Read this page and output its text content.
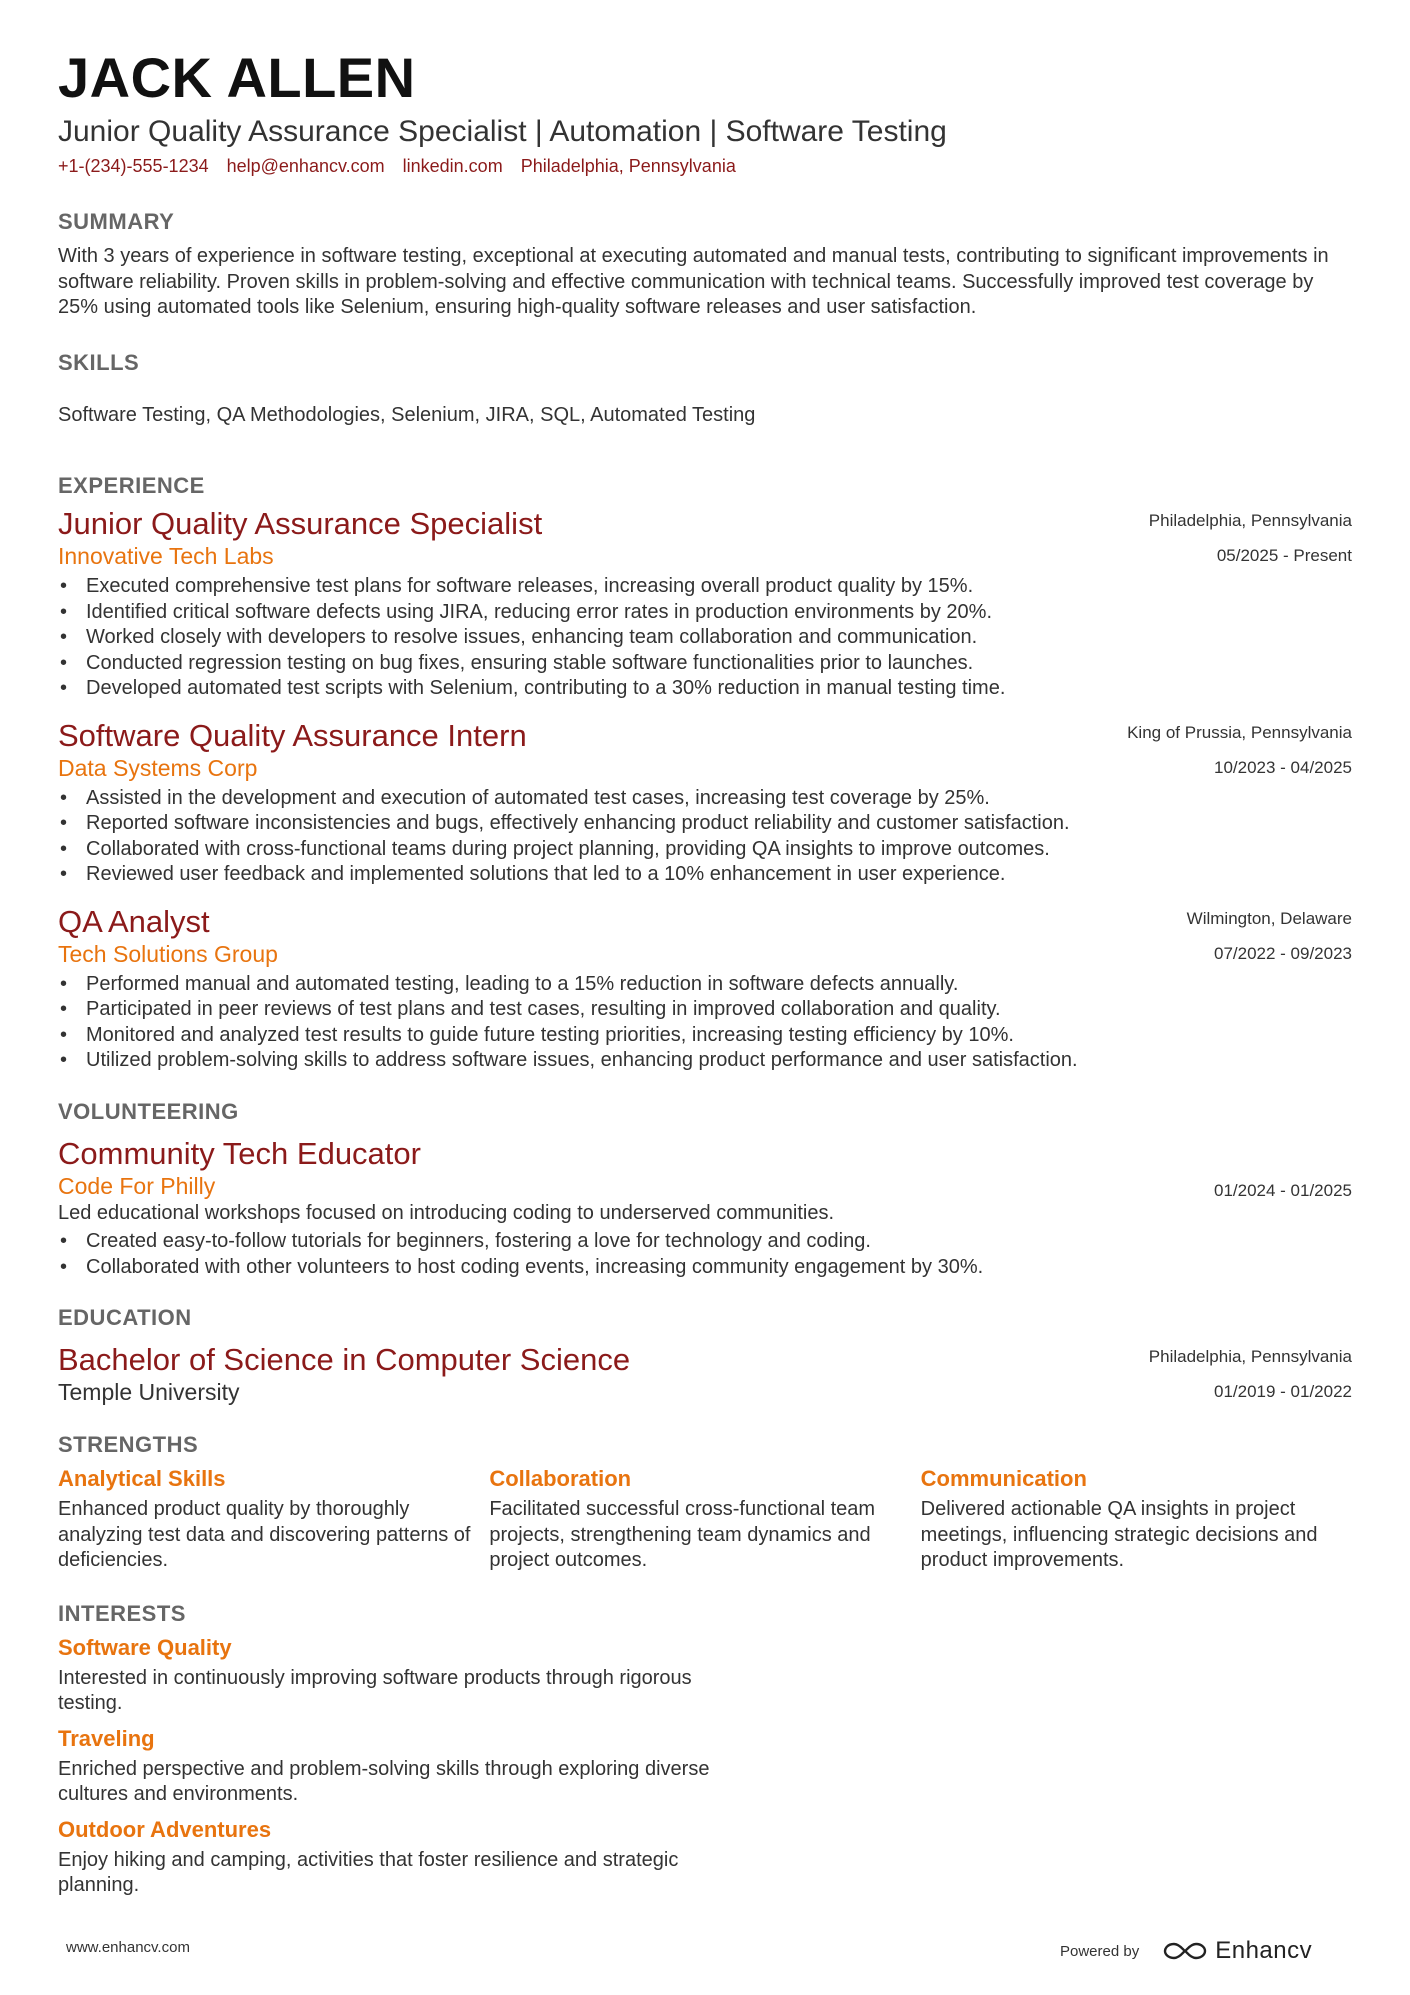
JACK ALLEN
Junior Quality Assurance Specialist | Automation | Software Testing
+1-(234)-555-1234 help@enhancv.com linkedin.com Philadelphia, Pennsylvania
SUMMARY
With 3 years of experience in software testing, exceptional at executing automated and manual tests, contributing to significant improvements in software reliability. Proven skills in problem-solving and effective communication with technical teams. Successfully improved test coverage by 25% using automated tools like Selenium, ensuring high-quality software releases and user satisfaction.
SKILLS
Software Testing, QA Methodologies, Selenium, JIRA, SQL, Automated Testing
EXPERIENCE
Philadelphia, Pennsylvania
05/2025 - Present
Junior Quality Assurance Specialist
Innovative Tech Labs
• Executed comprehensive test plans for software releases, increasing overall product quality by 15%.
• Identified critical software defects using JIRA, reducing error rates in production environments by 20%.
• Worked closely with developers to resolve issues, enhancing team collaboration and communication.
• Conducted regression testing on bug fixes, ensuring stable software functionalities prior to launches.
• Developed automated test scripts with Selenium, contributing to a 30% reduction in manual testing time.
King of Prussia, Pennsylvania
10/2023 - 04/2025
Software Quality Assurance Intern
Data Systems Corp
• Assisted in the development and execution of automated test cases, increasing test coverage by 25%.
• Reported software inconsistencies and bugs, effectively enhancing product reliability and customer satisfaction.
• Collaborated with cross-functional teams during project planning, providing QA insights to improve outcomes.
• Reviewed user feedback and implemented solutions that led to a 10% enhancement in user experience.
Wilmington, Delaware
07/2022 - 09/2023
QA Analyst
Tech Solutions Group
• Performed manual and automated testing, leading to a 15% reduction in software defects annually.
• Participated in peer reviews of test plans and test cases, resulting in improved collaboration and quality.
• Monitored and analyzed test results to guide future testing priorities, increasing testing efficiency by 10%.
• Utilized problem-solving skills to address software issues, enhancing product performance and user satisfaction.
VOLUNTEERING
01/2024 - 01/2025
Community Tech Educator
Code For Philly
Led educational workshops focused on introducing coding to underserved communities.
• Created easy-to-follow tutorials for beginners, fostering a love for technology and coding.
• Collaborated with other volunteers to host coding events, increasing community engagement by 30%.
EDUCATION
Philadelphia, Pennsylvania
01/2019 - 01/2022
Bachelor of Science in Computer Science
Temple University
STRENGTHS
Analytical Skills
Enhanced product quality by thoroughly analyzing test data and discovering patterns of deficiencies.
Collaboration
Facilitated successful cross-functional team projects, strengthening team dynamics and project outcomes.
Communication
Delivered actionable QA insights in project meetings, influencing strategic decisions and product improvements.
INTERESTS
Software Quality
Interested in continuously improving software products through rigorous testing.
Traveling
Enriched perspective and problem-solving skills through exploring diverse cultures and environments.
Outdoor Adventures
Enjoy hiking and camping, activities that foster resilience and strategic planning.
www.enhancv.com	Powered by	Enhancv
